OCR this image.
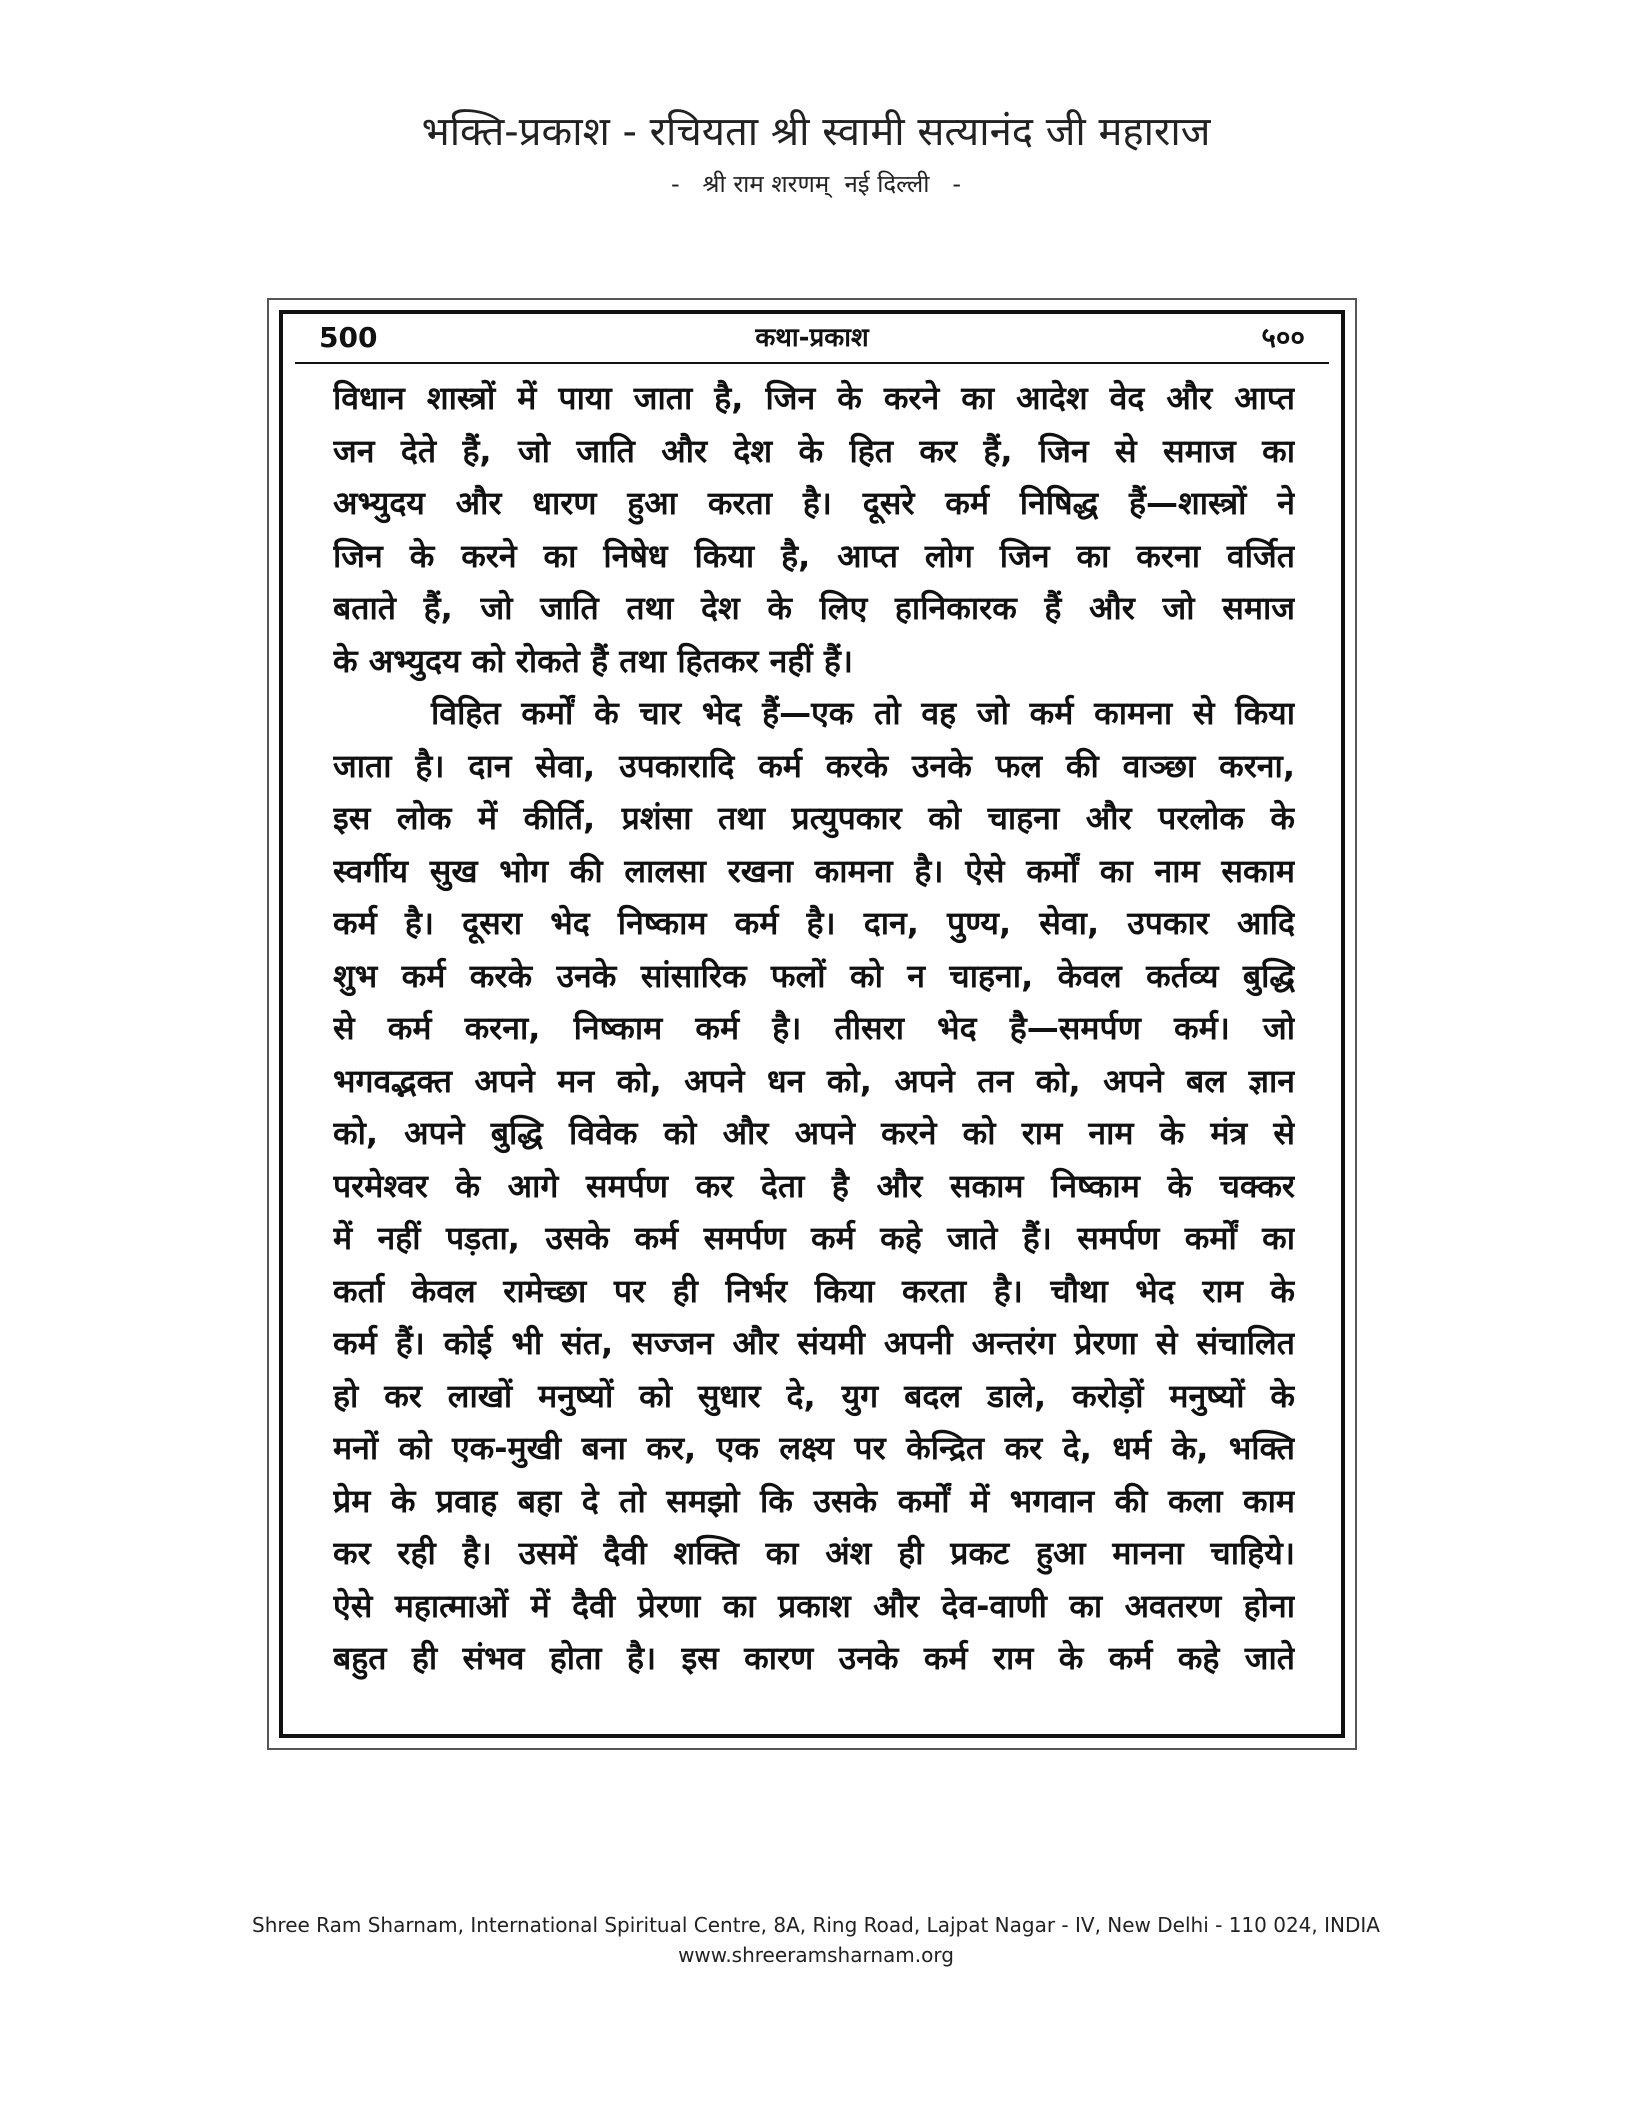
भक्ति-प्रकाश - रचियता श्री स्वामी सत्यानंद जी महाराज
-   श्री राम शरणम्  नई दिल्ली   -
500	कथा-प्रकाश	५००
विधान शास्त्रों में पाया जाता है, जिन के करने का आदेश वेद और आप्त
जन देते हैं, जो जाति और देश के हित कर हैं, जिन से समाज का
अभ्युदय और धारण हुआ करता है। दूसरे कर्म निषिद्ध हैं—शास्त्रों ने
जिन के करने का निषेध किया है, आप्त लोग जिन का करना वर्जित
बताते हैं, जो जाति तथा देश के लिए हानिकारक हैं और जो समाज
के अभ्युदय को रोकते हैं तथा हितकर नहीं हैं।
विहित कर्मों के चार भेद हैं—एक तो वह जो कर्म कामना से किया
जाता है। दान सेवा, उपकारादि कर्म करके उनके फल की वाञ्छा करना,
इस लोक में कीर्ति, प्रशंसा तथा प्रत्युपकार को चाहना और परलोक के
स्वर्गीय सुख भोग की लालसा रखना कामना है। ऐसे कर्मों का नाम सकाम
कर्म है। दूसरा भेद निष्काम कर्म है। दान, पुण्य, सेवा, उपकार आदि
शुभ कर्म करके उनके सांसारिक फलों को न चाहना, केवल कर्तव्य बुद्धि
से कर्म करना, निष्काम कर्म है। तीसरा भेद है—समर्पण कर्म। जो
भगवद्भक्त अपने मन को, अपने धन को, अपने तन को, अपने बल ज्ञान
को, अपने बुद्धि विवेक को और अपने करने को राम नाम के मंत्र से
परमेश्वर के आगे समर्पण कर देता है और सकाम निष्काम के चक्कर
में नहीं पड़ता, उसके कर्म समर्पण कर्म कहे जाते हैं। समर्पण कर्मों का
कर्ता केवल रामेच्छा पर ही निर्भर किया करता है। चौथा भेद राम के
कर्म हैं। कोई भी संत, सज्जन और संयमी अपनी अन्तरंग प्रेरणा से संचालित
हो कर लाखों मनुष्यों को सुधार दे, युग बदल डाले, करोड़ों मनुष्यों के
मनों को एक-मुखी बना कर, एक लक्ष्य पर केन्द्रित कर दे, धर्म के, भक्ति
प्रेम के प्रवाह बहा दे तो समझो कि उसके कर्मों में भगवान की कला काम
कर रही है। उसमें दैवी शक्ति का अंश ही प्रकट हुआ मानना चाहिये।
ऐसे महात्माओं में दैवी प्रेरणा का प्रकाश और देव-वाणी का अवतरण होना
बहुत ही संभव होता है। इस कारण उनके कर्म राम के कर्म कहे जाते
Shree Ram Sharnam, International Spiritual Centre, 8A, Ring Road, Lajpat Nagar - IV, New Delhi - 110 024, INDIA
www.shreeramsharnam.org
